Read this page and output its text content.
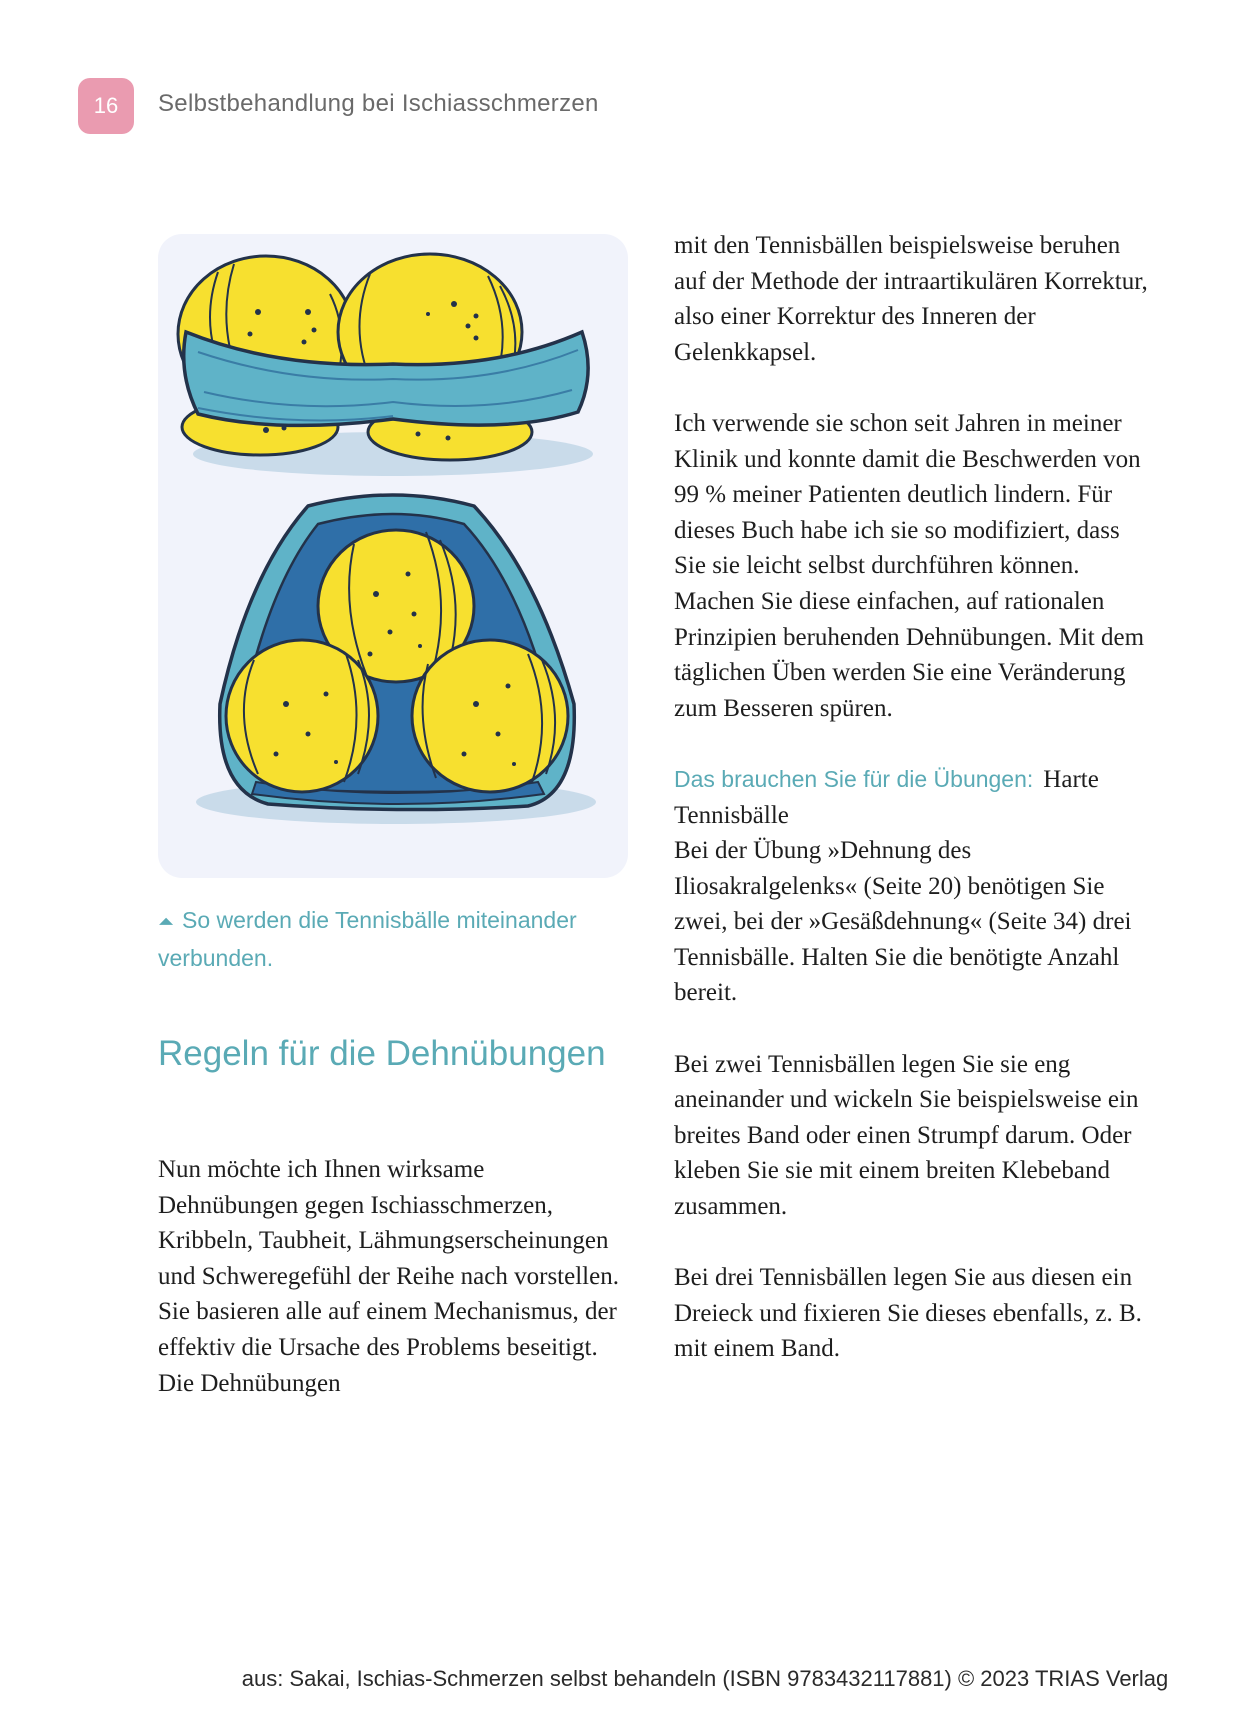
16	Selbstbehandlung bei Ischiasschmerzen
⏶ So werden die Tennisbälle miteinander verbunden.
Regeln für die Dehnübungen

Nun möchte ich Ihnen wirksame Dehnübungen gegen Ischiasschmerzen, Kribbeln, Taubheit, Lähmungserscheinungen und Schweregefühl der Reihe nach vorstellen. Sie basieren alle auf einem Mechanismus, der effektiv die Ursache des Problems beseitigt. Die Dehnübungen

mit den Tennisbällen beispielsweise beruhen auf der Methode der intraartikulären Korrektur, also einer Korrektur des Inneren der Gelenkkapsel.

Ich verwende sie schon seit Jahren in meiner Klinik und konnte damit die Beschwerden von 99 % meiner Patienten deutlich lindern. Für dieses Buch habe ich sie so modifiziert, dass Sie sie leicht selbst durchführen können. Machen Sie diese einfachen, auf rationalen Prinzipien beruhenden Dehnübungen. Mit dem täglichen Üben werden Sie eine Veränderung zum Besseren spüren.

Das brauchen Sie für die Übungen: Harte Tennisbälle

Bei der Übung »Dehnung des Iliosakralgelenks« (Seite 20) benötigen Sie zwei, bei der »Gesäßdehnung« (Seite 34) drei Tennisbälle. Halten Sie die benötigte Anzahl bereit.

Bei zwei Tennisbällen legen Sie sie eng aneinander und wickeln Sie beispielsweise ein breites Band oder einen Strumpf darum. Oder kleben Sie sie mit einem breiten Klebeband zusammen.

Bei drei Tennisbällen legen Sie aus diesen ein Dreieck und fixieren Sie dieses ebenfalls, z. B. mit einem Band.

aus: Sakai, Ischias-Schmerzen selbst behandeln (ISBN 9783432117881) © 2023 TRIAS Verlag
